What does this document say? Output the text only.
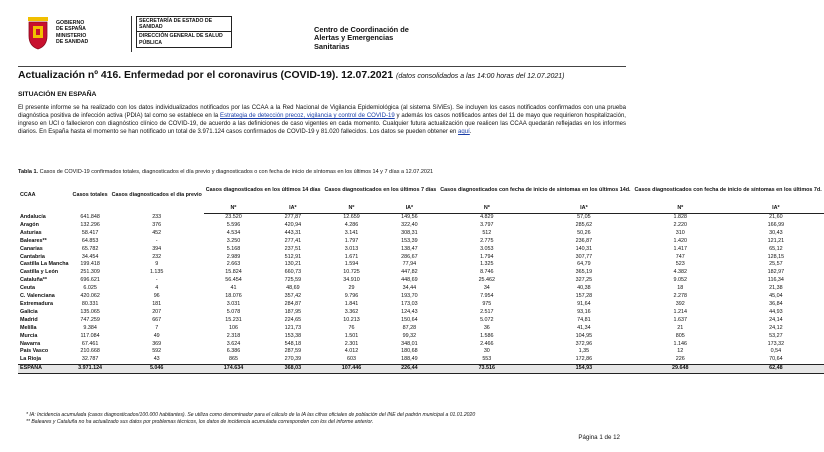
GOBIERNO
DE ESPAÑA
MINISTERIO
DE SANIDAD
SECRETARÍA DE ESTADO DE SANIDAD
DIRECCIÓN GENERAL DE SALUD PÚBLICA
Centro de Coordinación de
Alertas y Emergencias
Sanitarias
Actualización nº 416. Enfermedad por el coronavirus (COVID-19). 12.07.2021 (datos consolidados a las 14:00 horas del 12.07.2021)
SITUACIÓN EN ESPAÑA
El presente informe se ha realizado con los datos individualizados notificados por las CCAA a la Red Nacional de Vigilancia Epidemiológica (al sistema SiViEs). Se incluyen los casos notificados confirmados con una prueba diagnóstica positiva de infección activa (PDIA) tal como se establece en la Estrategia de detección precoz, vigilancia y control de COVID-19 y además los casos notificados antes del 11 de mayo que requirieron hospitalización, ingreso en UCI o fallecieron con diagnóstico clínico de COVID-19, de acuerdo a las definiciones de caso vigentes en cada momento. Cualquier futura actualización que realicen las CCAA quedarán reflejadas en los informes diarios. En España hasta el momento se han notificado un total de 3.971.124 casos confirmados de COVID-19 y 81.020 fallecidos. Los datos se pueden obtener en aquí.
Tabla 1. Casos de COVID-19 confirmados totales, diagnosticados el día previo y diagnosticados o con fecha de inicio de síntomas en los últimos 14 y 7 días a 12.07.2021
CCAA	Casos totales	Casos diagnosticados el día previo	Casos diagnosticados en los últimos 14 días		Casos diagnosticados en los últimos 7 días		Casos diagnosticados con fecha de inicio de síntomas en los últimos 14d.		Casos diagnosticados con fecha de inicio de síntomas en los últimos 7d.	
			Nº	IA*	Nº	IA*	Nº	IA*	Nº	IA*
Andalucía	641.848	233	23.520	277,87	12.659	149,56	4.829	57,05	1.828	21,60
Aragón	132.296	376	5.596	420,94	4.286	322,40	3.797	285,62	2.220	166,99
Asturias	58.417	452	4.534	443,31	3.141	308,31	512	50,26	310	30,43
Baleares**	64.853	-	3.250	277,41	1.797	153,39	2.775	236,87	1.420	121,21
Canarias	65.782	394	5.168	237,51	3.013	138,47	3.053	140,31	1.417	65,12
Cantabria	34.454	232	2.989	512,91	1.671	286,67	1.794	307,77	747	128,15
Castilla La Mancha	199.418	9	2.663	130,21	1.594	77,94	1.325	64,79	523	25,57
Castilla y León	251.309	1.135	15.824	660,73	10.725	447,82	8.746	365,19	4.382	182,97
Cataluña**	696.621	-	56.454	725,59	34.910	448,69	25.462	327,25	9.052	116,34
Ceuta	6.025	4	41	48,69	29	34,44	34	40,38	18	21,38
C. Valenciana	420.062	96	18.076	357,42	9.796	193,70	7.954	157,28	2.278	45,04
Extremadura	80.331	181	3.031	284,87	1.841	173,03	975	91,64	392	36,84
Galicia	135.065	207	5.078	187,95	3.362	124,43	2.517	93,16	1.214	44,93
Madrid	747.259	667	15.231	224,65	10.213	150,64	5.072	74,81	1.637	24,14
Melilla	9.384	7	106	121,73	76	87,28	36	41,34	21	24,12
Murcia	117.084	49	2.318	153,38	1.501	99,32	1.586	104,95	805	53,27
Navarra	67.461	369	3.624	548,18	2.301	348,01	2.466	372,96	1.146	173,32
País Vasco	210.668	592	6.386	287,59	4.012	180,68	30	1,35	12	0,54
La Rioja	32.787	43	865	270,39	603	188,49	553	172,86	226	70,64
ESPAÑA	3.971.124	5.046	174.634	368,03	107.446	226,44	73.516	154,93	29.648	62,48
* IA: Incidencia acumulada (casos diagnosticados/100.000 habitantes). Se utiliza como denominador para el cálculo de la IA las cifras oficiales de población del INE del padrón municipal a 01.01.2020
** Baleares y Cataluña no ha actualizado sus datos por problemas técnicos, los datos de incidencia acumulada corresponden con los del informe anterior.
Página 1 de 12
